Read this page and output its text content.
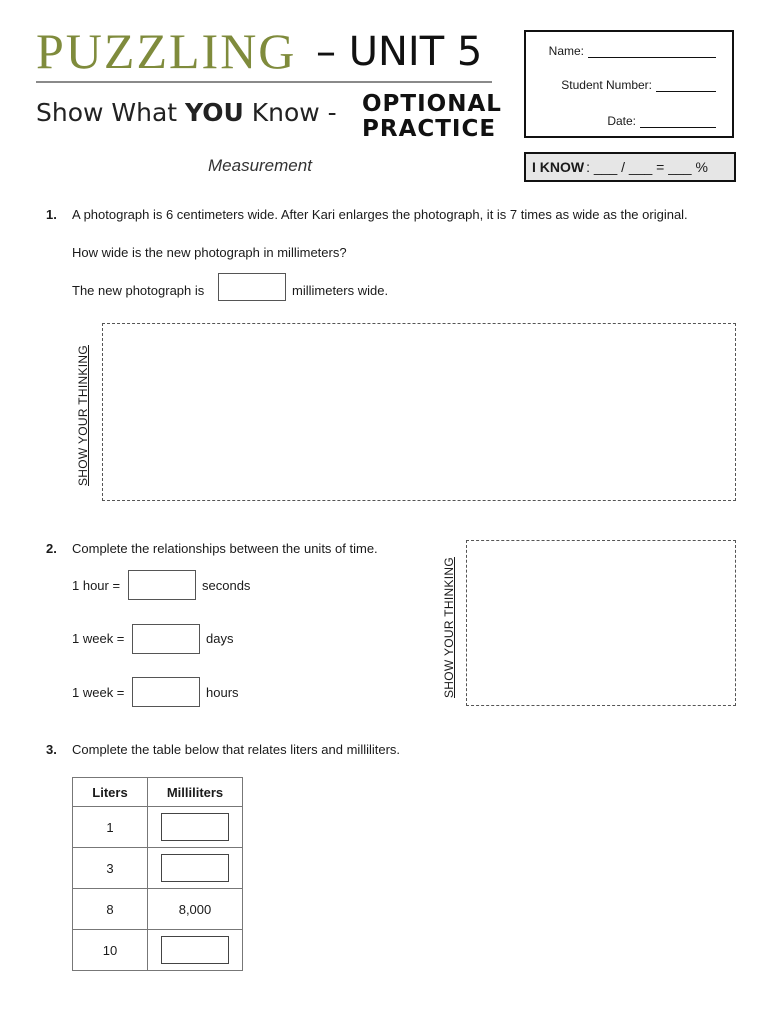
PUZZLING – UNIT 5
Show What YOU Know - OPTIONAL
PRACTICE
Measurement
Name:
Student Number:
Date:
I KNOW : ___ / ___ = ___ %
1. A photograph is 6 centimeters wide. After Kari enlarges the photograph, it is 7 times as wide as the original.
How wide is the new photograph in millimeters?
The new photograph is	millimeters wide.
SHOW YOUR THINKING
2. Complete the relationships between the units of time.
1 hour =	seconds
1 week =	days
1 week =	hours	SHOW YOUR THINKING
3. Complete the table below that relates liters and milliliters.
Liters	Milliliters
1	
3	
8	8,000
10	
